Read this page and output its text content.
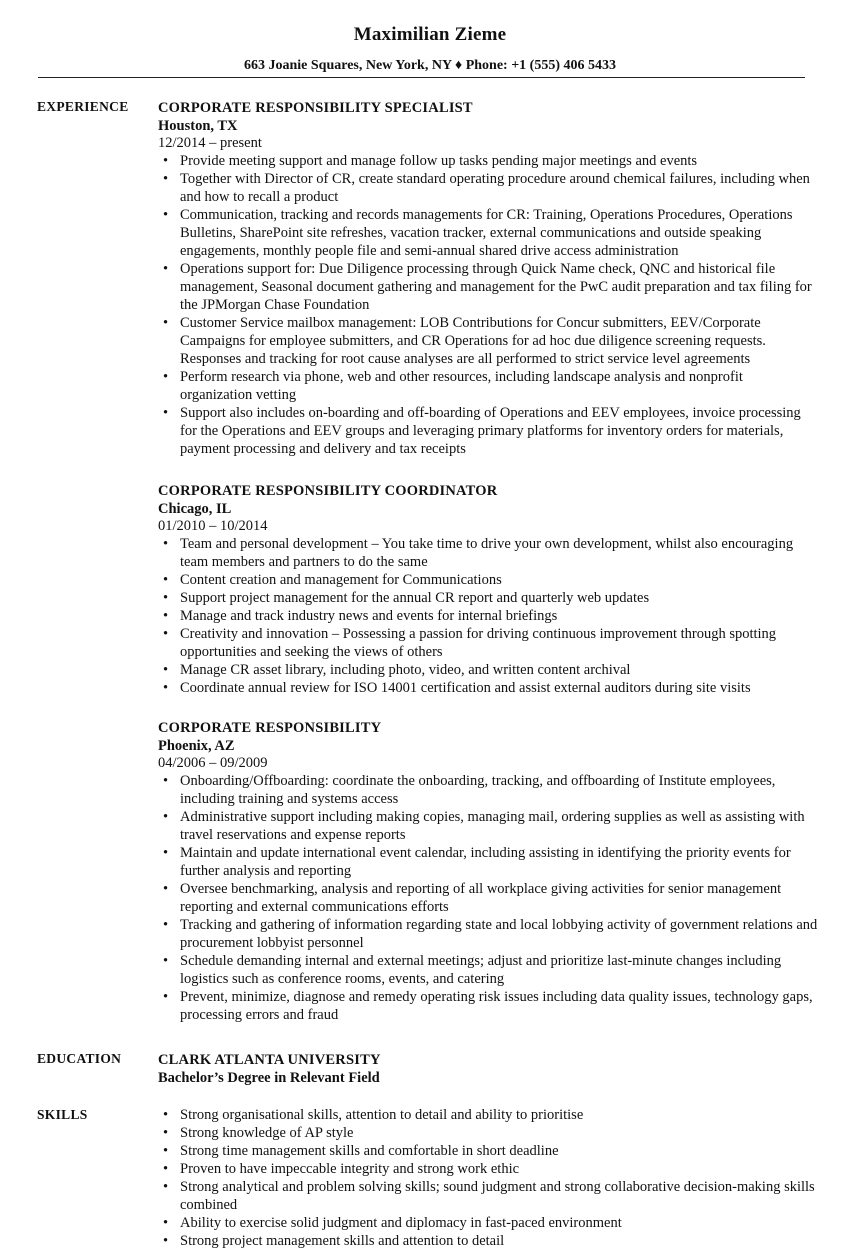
Maximilian Zieme
663 Joanie Squares, New York, NY ♦ Phone: +1 (555) 406 5433
EXPERIENCE CORPORATE RESPONSIBILITY SPECIALIST
Houston, TX
12/2014 – present
• Provide meeting support and manage follow up tasks pending major meetings and events
• Together with Director of CR, create standard operating procedure around chemical failures, including when and how to recall a product
• Communication, tracking and records managements for CR: Training, Operations Procedures, Operations Bulletins, SharePoint site refreshes, vacation tracker, external communications and outside speaking engagements, monthly people file and semi-annual shared drive access administration
• Operations support for: Due Diligence processing through Quick Name check, QNC and historical file management, Seasonal document gathering and management for the PwC audit preparation and tax filing for the JPMorgan Chase Foundation
• Customer Service mailbox management: LOB Contributions for Concur submitters, EEV/Corporate Campaigns for employee submitters, and CR Operations for ad hoc due diligence screening requests. Responses and tracking for root cause analyses are all performed to strict service level agreements
• Perform research via phone, web and other resources, including landscape analysis and nonprofit organization vetting
• Support also includes on-boarding and off-boarding of Operations and EEV employees, invoice processing for the Operations and EEV groups and leveraging primary platforms for inventory orders for materials, payment processing and delivery and tax receipts
CORPORATE RESPONSIBILITY COORDINATOR
Chicago, IL
01/2010 – 10/2014
• Team and personal development – You take time to drive your own development, whilst also encouraging team members and partners to do the same
• Content creation and management for Communications
• Support project management for the annual CR report and quarterly web updates
• Manage and track industry news and events for internal briefings
• Creativity and innovation – Possessing a passion for driving continuous improvement through spotting opportunities and seeking the views of others
• Manage CR asset library, including photo, video, and written content archival
• Coordinate annual review for ISO 14001 certification and assist external auditors during site visits
CORPORATE RESPONSIBILITY
Phoenix, AZ
04/2006 – 09/2009
• Onboarding/Offboarding: coordinate the onboarding, tracking, and offboarding of Institute employees, including training and systems access
• Administrative support including making copies, managing mail, ordering supplies as well as assisting with travel reservations and expense reports
• Maintain and update international event calendar, including assisting in identifying the priority events for further analysis and reporting
• Oversee benchmarking, analysis and reporting of all workplace giving activities for senior management reporting and external communications efforts
• Tracking and gathering of information regarding state and local lobbying activity of government relations and procurement lobbyist personnel
• Schedule demanding internal and external meetings; adjust and prioritize last-minute changes including logistics such as conference rooms, events, and catering
• Prevent, minimize, diagnose and remedy operating risk issues including data quality issues, technology gaps, processing errors and fraud
EDUCATION	CLARK ATLANTA UNIVERSITY
Bachelor’s Degree in Relevant Field
SKILLS	• Strong organisational skills, attention to detail and ability to prioritise
• Strong knowledge of AP style
• Strong time management skills and comfortable in short deadline
• Proven to have impeccable integrity and strong work ethic
• Strong analytical and problem solving skills; sound judgment and strong collaborative decision-making skills combined
• Ability to exercise solid judgment and diplomacy in fast-paced environment
• Strong project management skills and attention to detail
